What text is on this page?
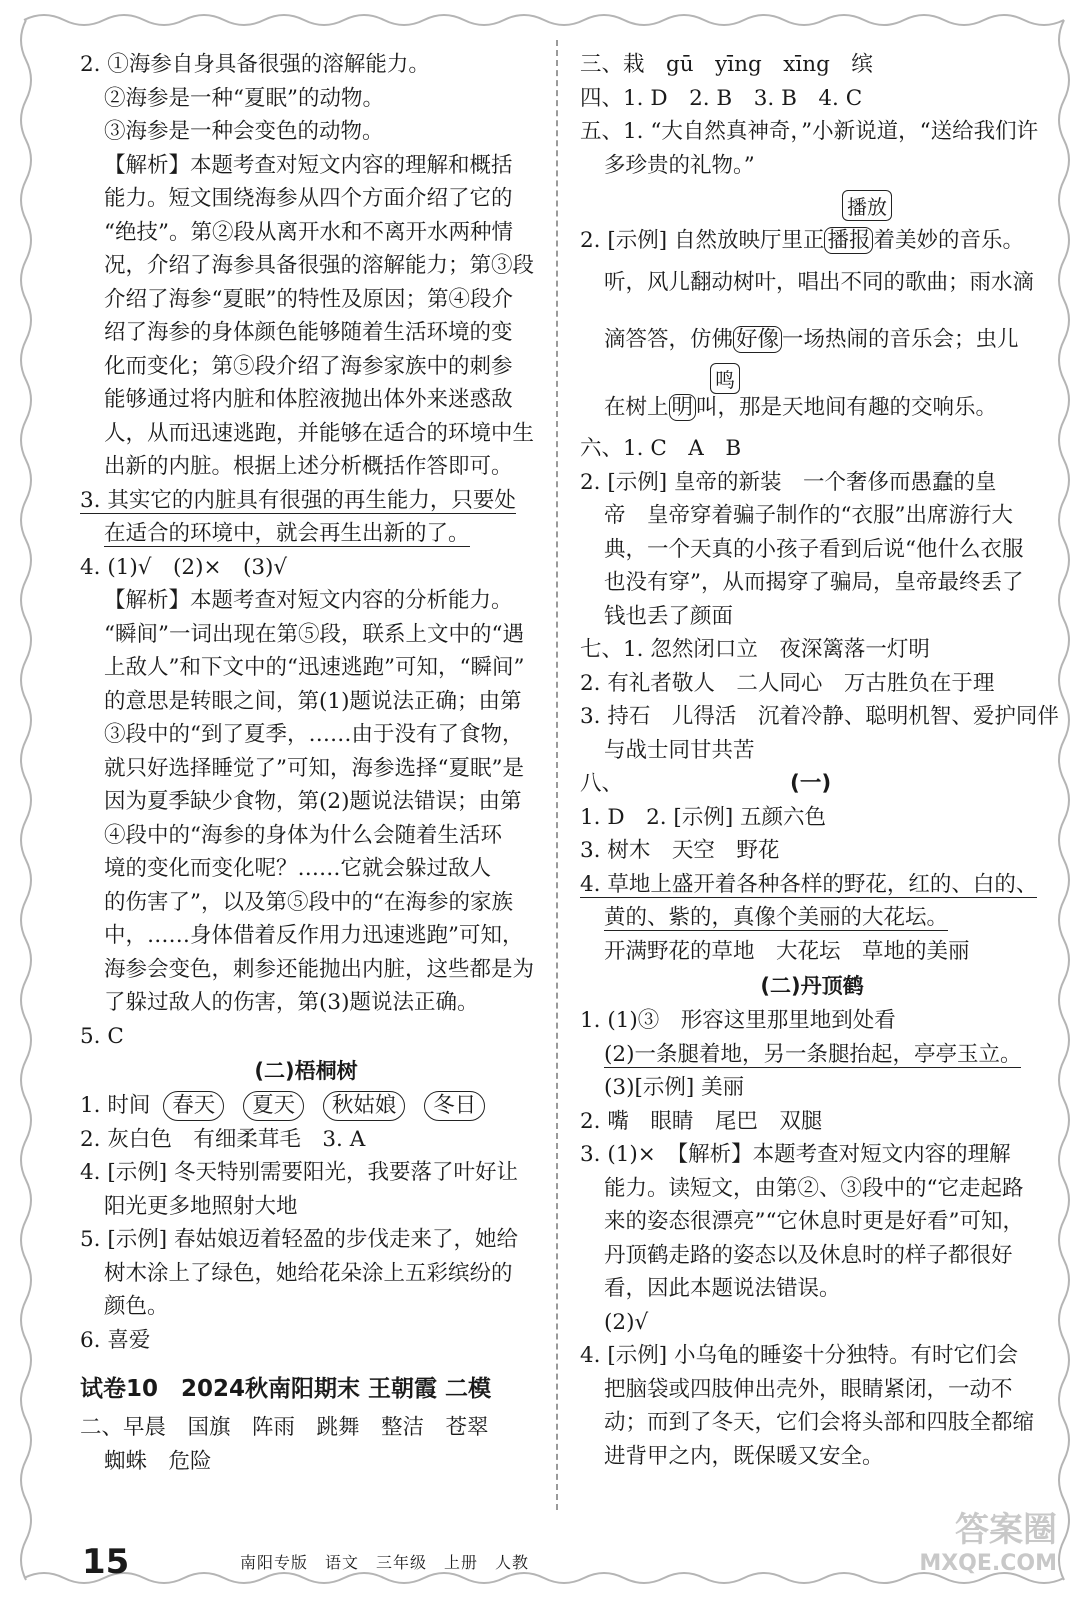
2. ①海参自身具备很强的溶解能力。
②海参是一种“夏眠”的动物。
③海参是一种会变色的动物。
【解析】本题考查对短文内容的理解和概括
能力。短文围绕海参从四个方面介绍了它的
“绝技”。第②段从离开水和不离开水两种情
况，介绍了海参具备很强的溶解能力；第③段
介绍了海参“夏眠”的特性及原因；第④段介
绍了海参的身体颜色能够随着生活环境的变
化而变化；第⑤段介绍了海参家族中的刺参
能够通过将内脏和体腔液抛出体外来迷惑敌
人，从而迅速逃跑，并能够在适合的环境中生
出新的内脏。根据上述分析概括作答即可。
3. 其实它的内脏具有很强的再生能力，只要处
在适合的环境中，就会再生出新的了。
4. (1)√　(2)×　(3)√
【解析】本题考查对短文内容的分析能力。
“瞬间”一词出现在第⑤段，联系上文中的“遇
上敌人”和下文中的“迅速逃跑”可知，“瞬间”
的意思是转眼之间，第(1)题说法正确；由第
③段中的“到了夏季，……由于没有了食物，
就只好选择睡觉了”可知，海参选择“夏眠”是
因为夏季缺少食物，第(2)题说法错误；由第
④段中的“海参的身体为什么会随着生活环
境的变化而变化呢？……它就会躲过敌人
的伤害了”，以及第⑤段中的“在海参的家族
中，……身体借着反作用力迅速逃跑”可知，
海参会变色，刺参还能抛出内脏，这些都是为
了躲过敌人的伤害，第(3)题说法正确。
5. C
(二)梧桐树
1. 时间 春天 夏天 秋姑娘 冬日
2. 灰白色　有细柔茸毛　3. A
4. [示例] 冬天特别需要阳光，我要落了叶好让
阳光更多地照射大地
5. [示例] 春姑娘迈着轻盈的步伐走来了，她给
树木涂上了绿色，她给花朵涂上五彩缤纷的
颜色。
6. 喜爱
试卷10　2024秋南阳期末 王朝霞 二模
二、早晨　国旗　阵雨　跳舞　整洁　苍翠
蜘蛛　危险
三、栽　gū　yīng　xīng　缤
四、1. D　2. B　3. B　4. C
五、1. “大自然真神奇，”小新说道，“送给我们许
多珍贵的礼物。”
播放
2. [示例] 自然放映厅里正 播报 着美妙的音乐。
听，风儿翻动树叶，唱出不同的歌曲；雨水滴
滴答答，仿佛 好像 一场热闹的音乐会；虫儿
鸣
在树上 明 叫，那是天地间有趣的交响乐。
六、1. C　A　B
2. [示例] 皇帝的新装　一个奢侈而愚蠢的皇
帝　皇帝穿着骗子制作的“衣服”出席游行大
典，一个天真的小孩子看到后说“他什么衣服
也没有穿”，从而揭穿了骗局，皇帝最终丢了
钱也丢了颜面
七、1. 忽然闭口立　夜深篱落一灯明
2. 有礼者敬人　二人同心　万古胜负在于理
3. 持石　儿得活　沉着冷静、聪明机智、爱护同伴
与战士同甘共苦
八、	(一)
1. D　2. [示例] 五颜六色
3. 树木　天空　野花
4. 草地上盛开着各种各样的野花，红的、白的、
黄的、紫的，真像个美丽的大花坛。
开满野花的草地　大花坛　草地的美丽
(二)丹顶鹤
1. (1)③　形容这里那里地到处看
(2)一条腿着地，另一条腿抬起，亭亭玉立。
(3)[示例] 美丽
2. 嘴　眼睛　尾巴　双腿
3. (1)×　【解析】本题考查对短文内容的理解
能力。读短文，由第②、③段中的“它走起路
来的姿态很漂亮”“它休息时更是好看”可知，
丹顶鹤走路的姿态以及休息时的样子都很好
看，因此本题说法错误。
(2)√
4. [示例] 小乌龟的睡姿十分独特。有时它们会
把脑袋或四肢伸出壳外，眼睛紧闭，一动不
动；而到了冬天，它们会将头部和四肢全都缩
进背甲之内，既保暖又安全。
15	南阳专版　语文　三年级　上册　人教
答案圈
MXQE.COM
